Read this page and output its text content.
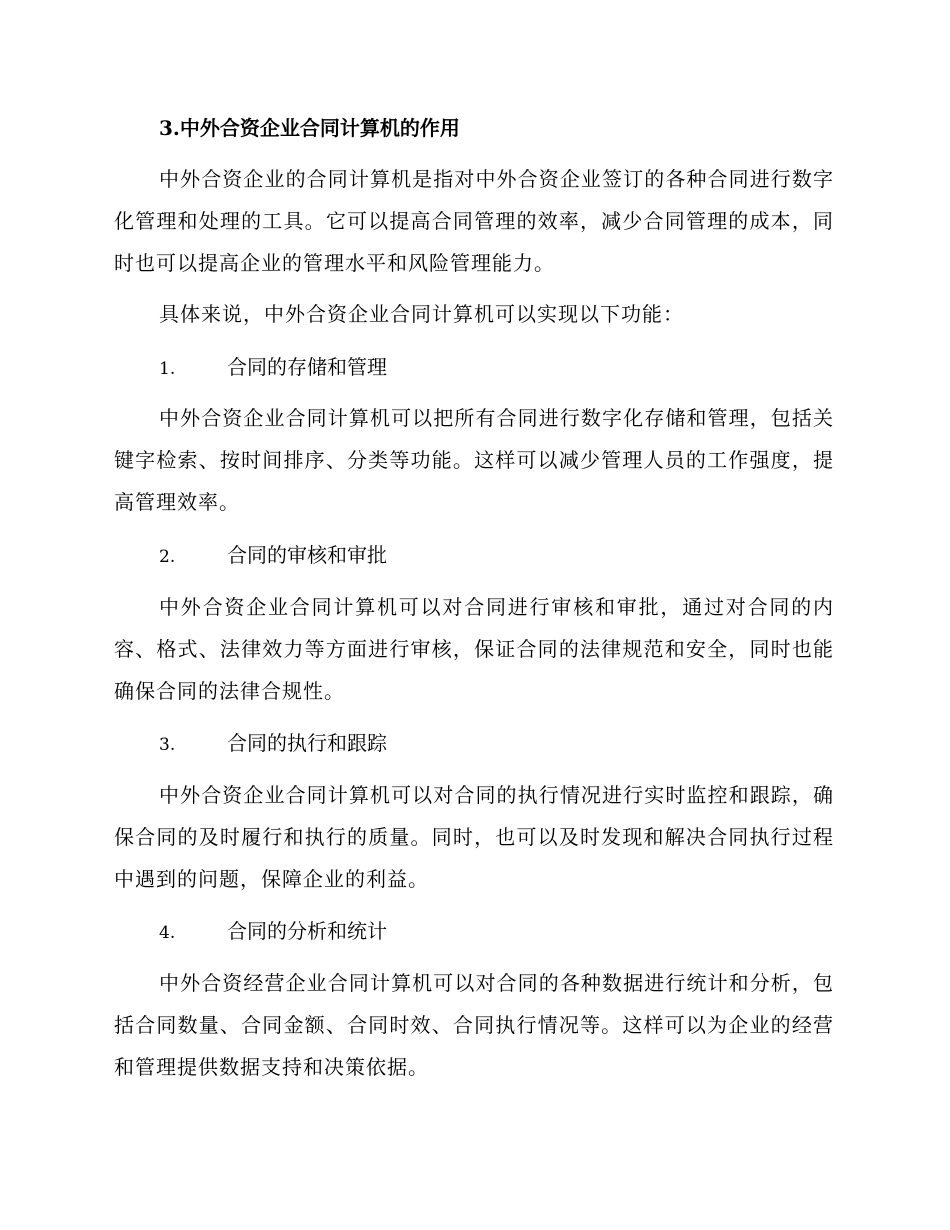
3.中外合资企业合同计算机的作用

中外合资企业的合同计算机是指对中外合资企业签订的各种合同进行数字化管理和处理的工具。它可以提高合同管理的效率，减少合同管理的成本，同时也可以提高企业的管理水平和风险管理能力。

具体来说，中外合资企业合同计算机可以实现以下功能：

1.	合同的存储和管理

中外合资企业合同计算机可以把所有合同进行数字化存储和管理，包括关键字检索、按时间排序、分类等功能。这样可以减少管理人员的工作强度，提高管理效率。

2.	合同的审核和审批

中外合资企业合同计算机可以对合同进行审核和审批，通过对合同的内容、格式、法律效力等方面进行审核，保证合同的法律规范和安全，同时也能确保合同的法律合规性。

3.	合同的执行和跟踪

中外合资企业合同计算机可以对合同的执行情况进行实时监控和跟踪，确保合同的及时履行和执行的质量。同时，也可以及时发现和解决合同执行过程中遇到的问题，保障企业的利益。

4.	合同的分析和统计

中外合资经营企业合同计算机可以对合同的各种数据进行统计和分析，包括合同数量、合同金额、合同时效、合同执行情况等。这样可以为企业的经营和管理提供数据支持和决策依据。
